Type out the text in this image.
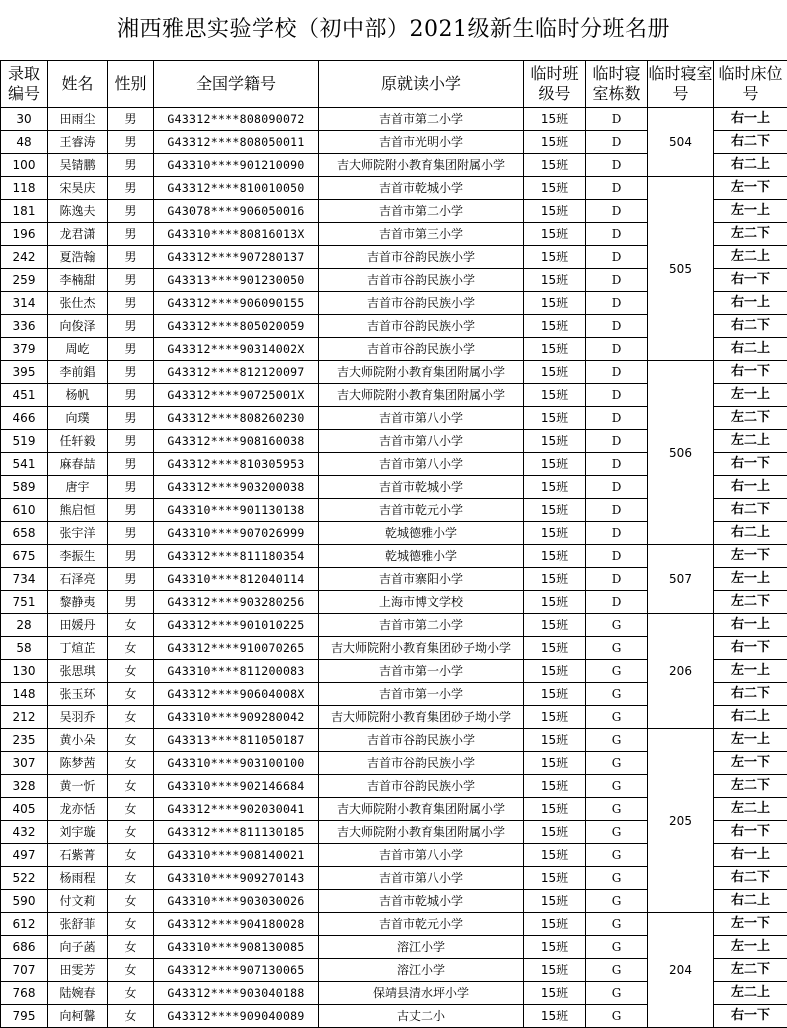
湘西雅思实验学校（初中部）2021级新生临时分班名册
录取编号	姓名	性别	全国学籍号	原就读小学	临时班级号	临时寝室栋数	临时寝室号	临时床位号

30	田雨尘	男	G43312****808090072	吉首市第二小学	15班	D	504	右一上
48	王睿涛	男	G43312****808050011	吉首市光明小学	15班	D		右二下
100	吴锖鹏	男	G43310****901210090	吉大师院附小教育集团附属小学	15班	D		右二上
118	宋昊庆	男	G43312****810010050	吉首市乾城小学	15班	D	505	左一下
181	陈逸夫	男	G43078****906050016	吉首市第二小学	15班	D		左一上
196	龙君潇	男	G43310****80816013X	吉首市第三小学	15班	D		左二下
242	夏浩翰	男	G43312****907280137	吉首市谷韵民族小学	15班	D		左二上
259	李楠甜	男	G43313****901230050	吉首市谷韵民族小学	15班	D		右一下
314	张仕杰	男	G43312****906090155	吉首市谷韵民族小学	15班	D		右一上
336	向俊泽	男	G43312****805020059	吉首市谷韵民族小学	15班	D		右二下
379	周屹	男	G43312****90314002X	吉首市谷韵民族小学	15班	D		右二上
395	李前錩	男	G43312****812120097	吉大师院附小教育集团附属小学	15班	D	506	右一下
451	杨帆	男	G43312****90725001X	吉大师院附小教育集团附属小学	15班	D		左一上
466	向璞	男	G43312****808260230	吉首市第八小学	15班	D		左二下
519	任轩毅	男	G43312****908160038	吉首市第八小学	15班	D		左二上
541	麻春喆	男	G43312****810305953	吉首市第八小学	15班	D		右一下
589	唐宇	男	G43312****903200038	吉首市乾城小学	15班	D		右一上
610	熊启恒	男	G43310****901130138	吉首市乾元小学	15班	D		右二下
658	张宇洋	男	G43310****907026999	乾城德雅小学	15班	D		右二上
675	李振生	男	G43312****811180354	乾城德雅小学	15班	D	507	左一下
734	石泽亮	男	G43310****812040114	吉首市寨阳小学	15班	D		左一上
751	黎静夷	男	G43312****903280256	上海市博文学校	15班	D		左二下
28	田媛丹	女	G43312****901010225	吉首市第二小学	15班	G	206	右一上
58	丁煊芷	女	G43312****910070265	吉大师院附小教育集团砂子坳小学	15班	G		右一下
130	张思琪	女	G43310****811200083	吉首市第一小学	15班	G		左一上
148	张玉环	女	G43312****90604008X	吉首市第一小学	15班	G		右二下
212	吴羽乔	女	G43310****909280042	吉大师院附小教育集团砂子坳小学	15班	G		右二上
235	黄小朵	女	G43313****811050187	吉首市谷韵民族小学	15班	G	205	左一上
307	陈梦茜	女	G43310****903100100	吉首市谷韵民族小学	15班	G		左一下
328	黄一忻	女	G43310****902146684	吉首市谷韵民族小学	15班	G		左二下
405	龙亦恬	女	G43312****902030041	吉大师院附小教育集团附属小学	15班	G		左二上
432	刘宇璇	女	G43312****811130185	吉大师院附小教育集团附属小学	15班	G		右一下
497	石紫菁	女	G43310****908140021	吉首市第八小学	15班	G		右一上
522	杨雨程	女	G43310****909270143	吉首市第八小学	15班	G		右二下
590	付文莉	女	G43310****903030026	吉首市乾城小学	15班	G		右二上
612	张舒菲	女	G43312****904180028	吉首市乾元小学	15班	G	204	左一下
686	向子菡	女	G43310****908130085	溶江小学	15班	G		左一上
707	田雯芳	女	G43312****907130065	溶江小学	15班	G		左二下
768	陆婉春	女	G43312****903040188	保靖县清水坪小学	15班	G		左二上
795	向柯馨	女	G43312****909040089	古丈二小	15班	G		右一下
